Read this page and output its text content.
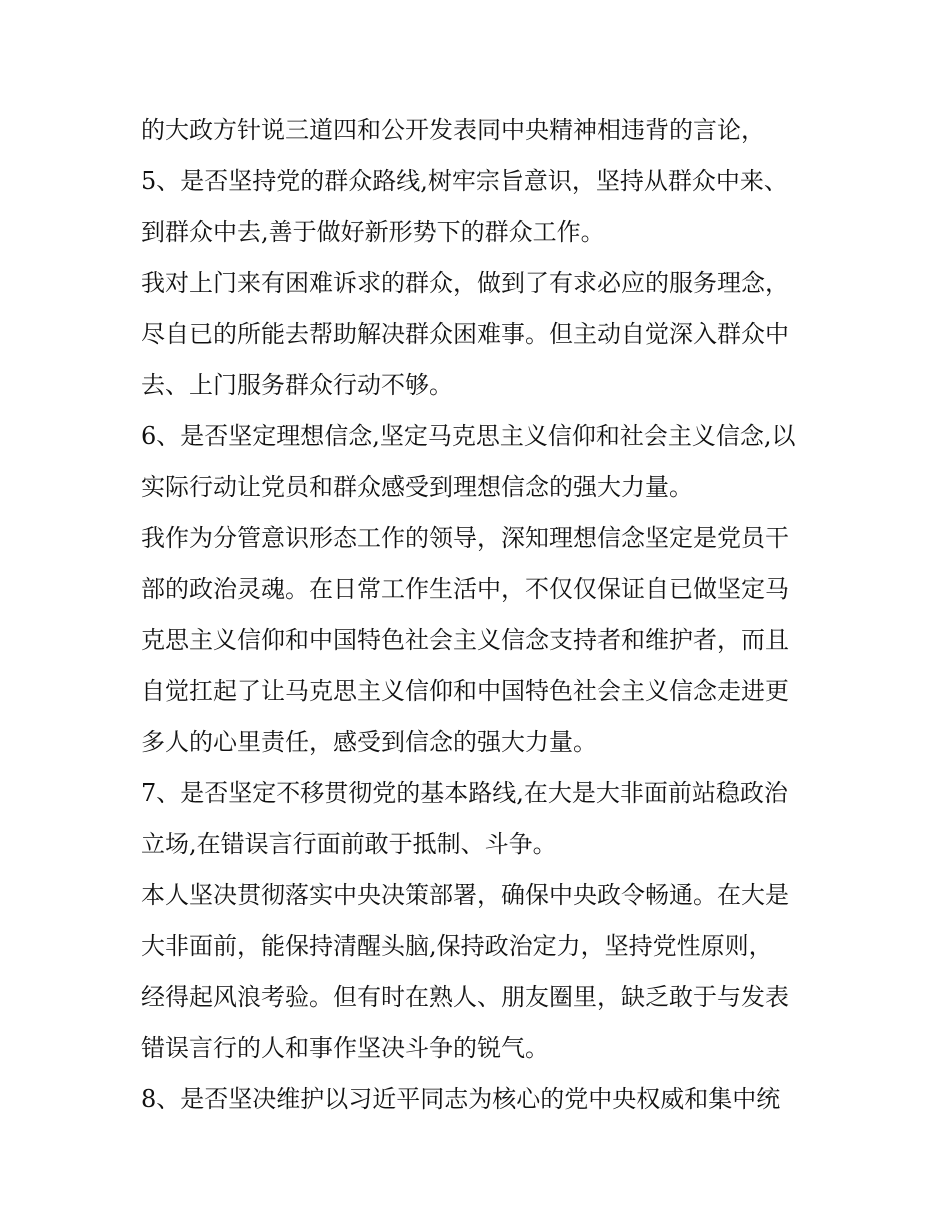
的大政方针说三道四和公开发表同中央精神相违背的言论，
5、是否坚持党的群众路线,树牢宗旨意识，坚持从群众中来、
到群众中去,善于做好新形势下的群众工作。
我对上门来有困难诉求的群众，做到了有求必应的服务理念，
尽自已的所能去帮助解决群众困难事。但主动自觉深入群众中
去、上门服务群众行动不够。
6、是否坚定理想信念,坚定马克思主义信仰和社会主义信念,以
实际行动让党员和群众感受到理想信念的强大力量。
我作为分管意识形态工作的领导，深知理想信念坚定是党员干
部的政治灵魂。在日常工作生活中，不仅仅保证自已做坚定马
克思主义信仰和中国特色社会主义信念支持者和维护者，而且
自觉扛起了让马克思主义信仰和中国特色社会主义信念走进更
多人的心里责任，感受到信念的强大力量。
7、是否坚定不移贯彻党的基本路线,在大是大非面前站稳政治
立场,在错误言行面前敢于抵制、斗争。
本人坚决贯彻落实中央决策部署，确保中央政令畅通。在大是
大非面前，能保持清醒头脑,保持政治定力，坚持党性原则，
经得起风浪考验。但有时在熟人、朋友圈里，缺乏敢于与发表
错误言行的人和事作坚决斗争的锐气。
8、是否坚决维护以习近平同志为核心的党中央权威和集中统
